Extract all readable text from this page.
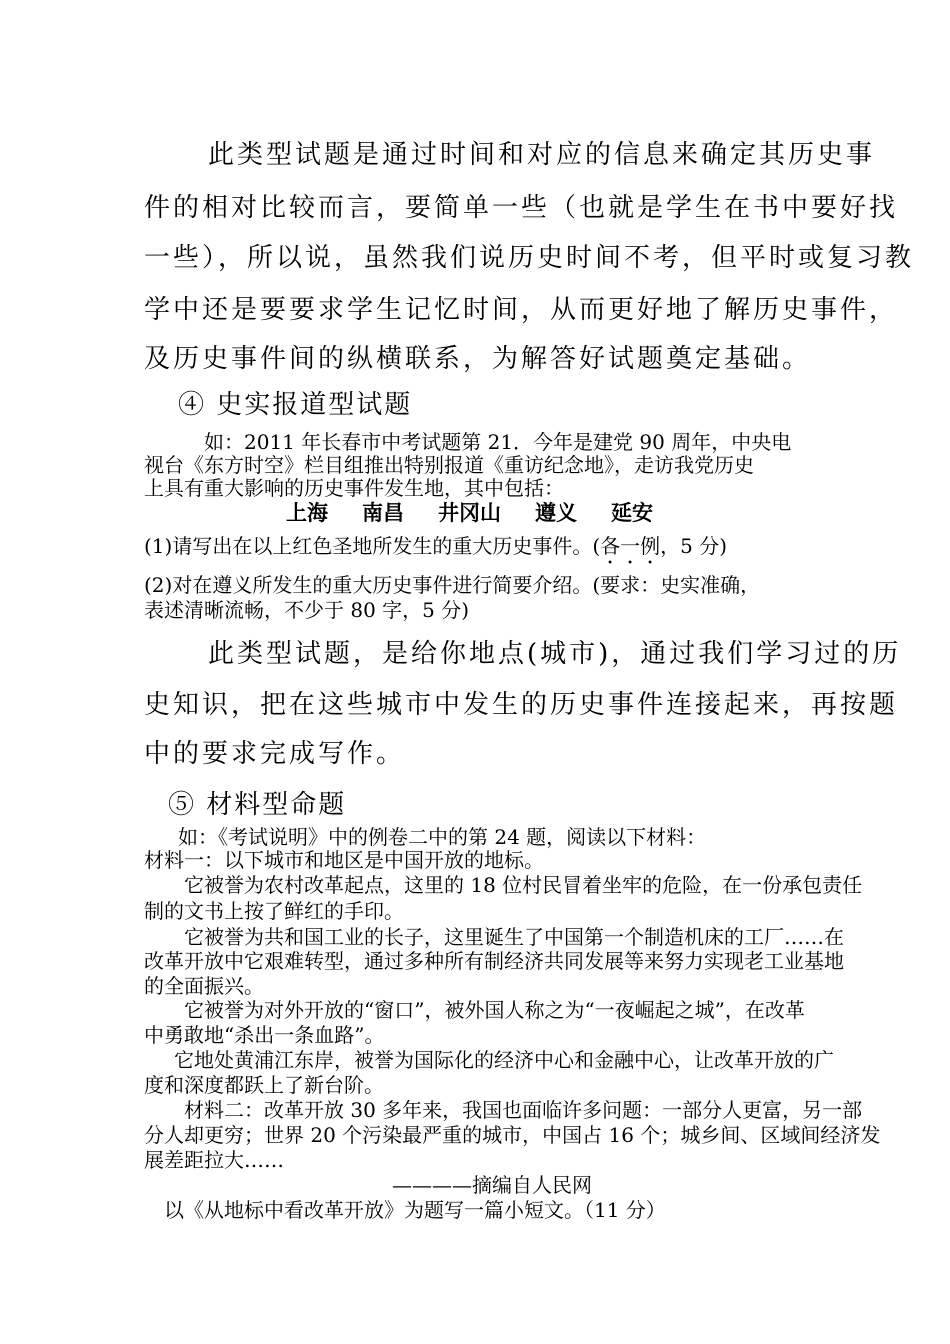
此类型试题是通过时间和对应的信息来确定其历史事

件的相对比较而言，要简单一些（也就是学生在书中要好找

一些），所以说，虽然我们说历史时间不考，但平时或复习教

学中还是要要求学生记忆时间，从而更好地了解历史事件，

及历史事件间的纵横联系，为解答好试题奠定基础。

④ 史实报道型试题

如：2011 年长春市中考试题第 21．今年是建党 90 周年，中央电

视台《东方时空》栏目组推出特别报道《重访纪念地》，走访我党历史

上具有重大影响的历史事件发生地，其中包括：

上海 南昌 井冈山 遵义 延安

(1)请写出在以上红色圣地所发生的重大历史事件。(各一例，5 分)

(2)对在遵义所发生的重大历史事件进行简要介绍。(要求：史实准确，

表述清晰流畅，不少于 80 字，5 分)

此类型试题，是给你地点(城市)，通过我们学习过的历

史知识，把在这些城市中发生的历史事件连接起来，再按题

中的要求完成写作。

⑤ 材料型命题

如：《考试说明》中的例卷二中的第 24 题，阅读以下材料：

材料一：以下城市和地区是中国开放的地标。

它被誉为农村改革起点，这里的 18 位村民冒着坐牢的危险，在一份承包责任

制的文书上按了鲜红的手印。

它被誉为共和国工业的长子，这里诞生了中国第一个制造机床的工厂……在

改革开放中它艰难转型，通过多种所有制经济共同发展等来努力实现老工业基地

的全面振兴。

它被誉为对外开放的“窗口”，被外国人称之为“一夜崛起之城”，在改革

中勇敢地“杀出一条血路”。

它地处黄浦江东岸，被誉为国际化的经济中心和金融中心，让改革开放的广

度和深度都跃上了新台阶。

材料二：改革开放 30 多年来，我国也面临许多问题：一部分人更富，另一部

分人却更穷；世界 20 个污染最严重的城市，中国占 16 个；城乡间、区域间经济发

展差距拉大……

————摘编自人民网

以《从地标中看改革开放》为题写一篇小短文。（11 分）
